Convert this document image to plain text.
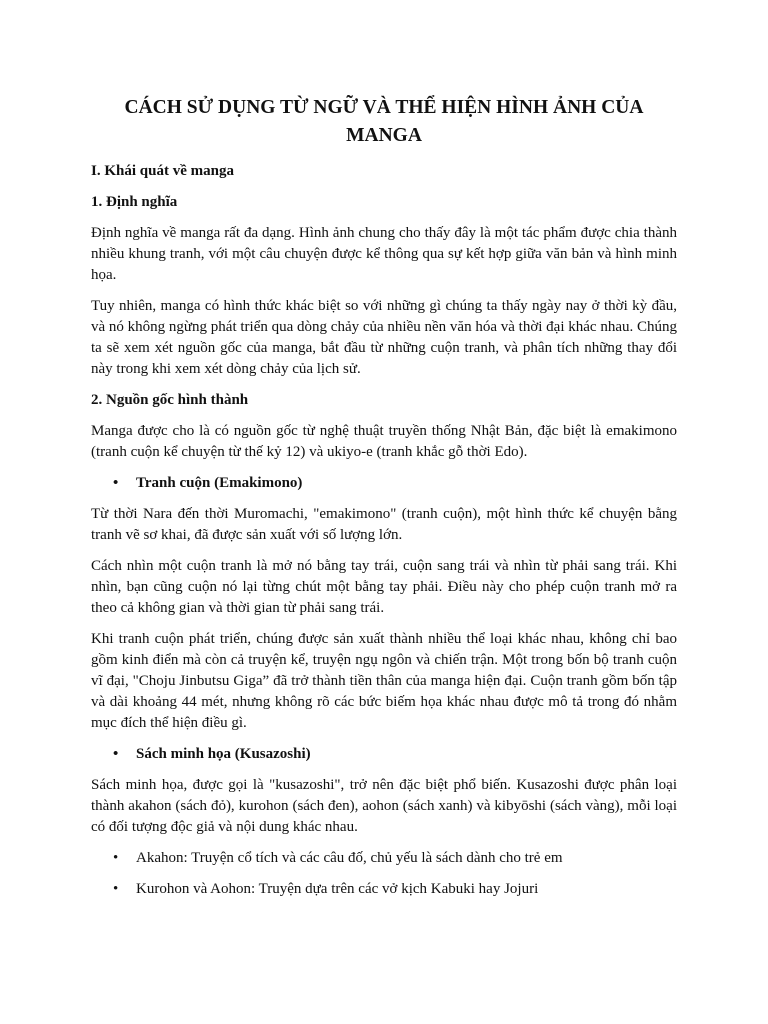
CÁCH SỬ DỤNG TỪ NGỮ VÀ THỂ HIỆN HÌNH ẢNH CỦA MANGA

I. Khái quát về manga

1. Định nghĩa

Định nghĩa về manga rất đa dạng. Hình ảnh chung cho thấy đây là một tác phẩm được chia thành nhiều khung tranh, với một câu chuyện được kể thông qua sự kết hợp giữa văn bản và hình minh họa.

Tuy nhiên, manga có hình thức khác biệt so với những gì chúng ta thấy ngày nay ở thời kỳ đầu, và nó không ngừng phát triển qua dòng chảy của nhiều nền văn hóa và thời đại khác nhau. Chúng ta sẽ xem xét nguồn gốc của manga, bắt đầu từ những cuộn tranh, và phân tích những thay đổi này trong khi xem xét dòng chảy của lịch sử.

2. Nguồn gốc hình thành

Manga được cho là có nguồn gốc từ nghệ thuật truyền thống Nhật Bản, đặc biệt là emakimono (tranh cuộn kể chuyện từ thế kỷ 12) và ukiyo-e (tranh khắc gỗ thời Edo).

•	Tranh cuộn (Emakimono)

Từ thời Nara đến thời Muromachi, "emakimono" (tranh cuộn), một hình thức kể chuyện bằng tranh vẽ sơ khai, đã được sản xuất với số lượng lớn.

Cách nhìn một cuộn tranh là mở nó bằng tay trái, cuộn sang trái và nhìn từ phải sang trái. Khi nhìn, bạn cũng cuộn nó lại từng chút một bằng tay phải. Điều này cho phép cuộn tranh mở ra theo cả không gian và thời gian từ phải sang trái.

Khi tranh cuộn phát triển, chúng được sản xuất thành nhiều thể loại khác nhau, không chỉ bao gồm kinh điển mà còn cả truyện kể, truyện ngụ ngôn và chiến trận. Một trong bốn bộ tranh cuộn vĩ đại, "Choju Jinbutsu Giga” đã trở thành tiền thân của manga hiện đại. Cuộn tranh gồm bốn tập và dài khoảng 44 mét, nhưng không rõ các bức biếm họa khác nhau được mô tả trong đó nhằm mục đích thể hiện điều gì.

•	Sách minh họa (Kusazoshi)

Sách minh họa, được gọi là "kusazoshi", trở nên đặc biệt phổ biến. Kusazoshi được phân loại thành akahon (sách đỏ), kurohon (sách đen), aohon (sách xanh) và kibyōshi (sách vàng), mỗi loại có đối tượng độc giả và nội dung khác nhau.

•	Akahon: Truyện cổ tích và các câu đố, chủ yếu là sách dành cho trẻ em
•	Kurohon và Aohon: Truyện dựa trên các vở kịch Kabuki hay Jojuri
